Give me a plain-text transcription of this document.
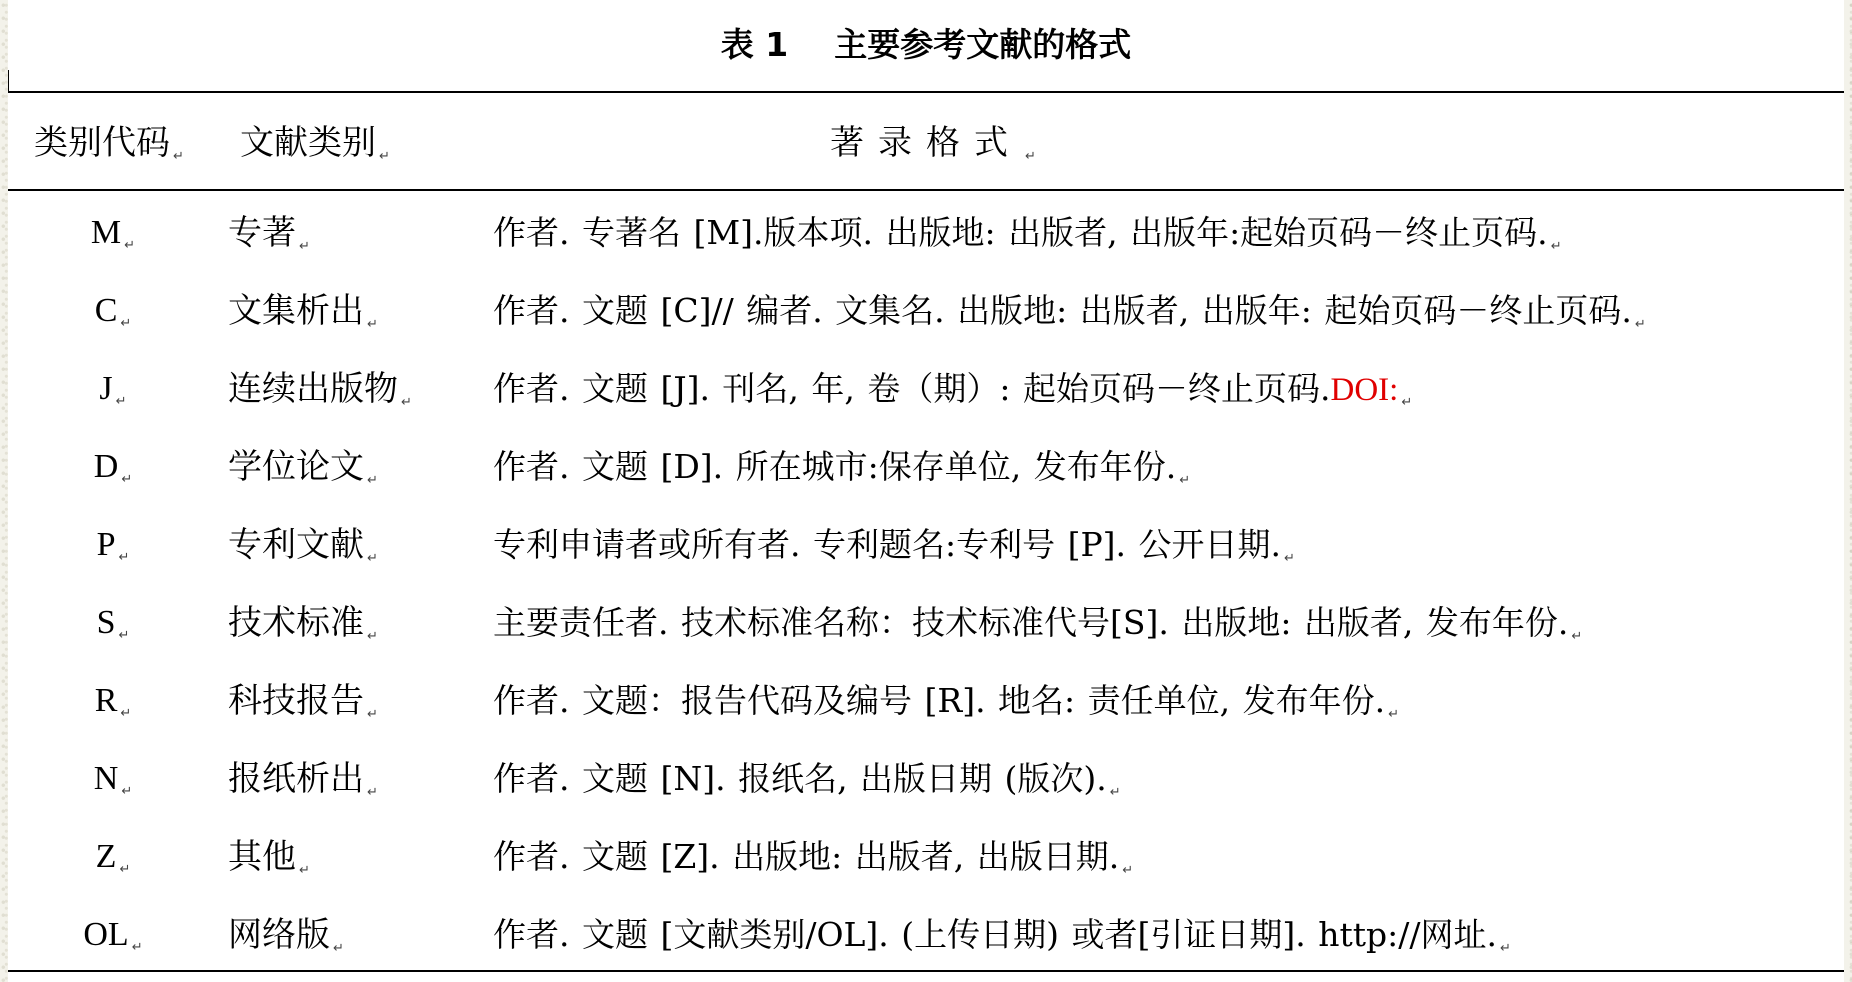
表 1    主要参考文献的格式
类别代码 ↵ 文献类别 ↵	著录格式 ↵
M ↵	专著 ↵	作者. 专著名 [M].版本项. 出版地: 出版者, 出版年:起始页码－终止页码. ↵
C ↵	文集析出 ↵	作者. 文题 [C]// 编者. 文集名. 出版地: 出版者, 出版年: 起始页码－终止页码. ↵
J ↵	连续出版物 ↵ 作者. 文题 [J]. 刊名, 年, 卷（期）: 起始页码－终止页码.DOI: ↵
D ↵	学位论文 ↵	作者. 文题 [D]. 所在城市:保存单位, 发布年份. ↵
P ↵	专利文献 ↵	专利申请者或所有者. 专利题名:专利号 [P]. 公开日期. ↵
S ↵	技术标准 ↵	主要责任者. 技术标准名称：技术标准代号[S]. 出版地: 出版者, 发布年份. ↵
R ↵	科技报告 ↵	作者. 文题：报告代码及编号 [R]. 地名: 责任单位, 发布年份. ↵
N ↵	报纸析出 ↵	作者. 文题 [N]. 报纸名, 出版日期 (版次). ↵
Z ↵	其他 ↵	作者. 文题 [Z]. 出版地: 出版者, 出版日期. ↵
OL ↵	网络版 ↵	作者. 文题 [文献类别/OL]. (上传日期) 或者[引证日期]. http://网址. ↵
